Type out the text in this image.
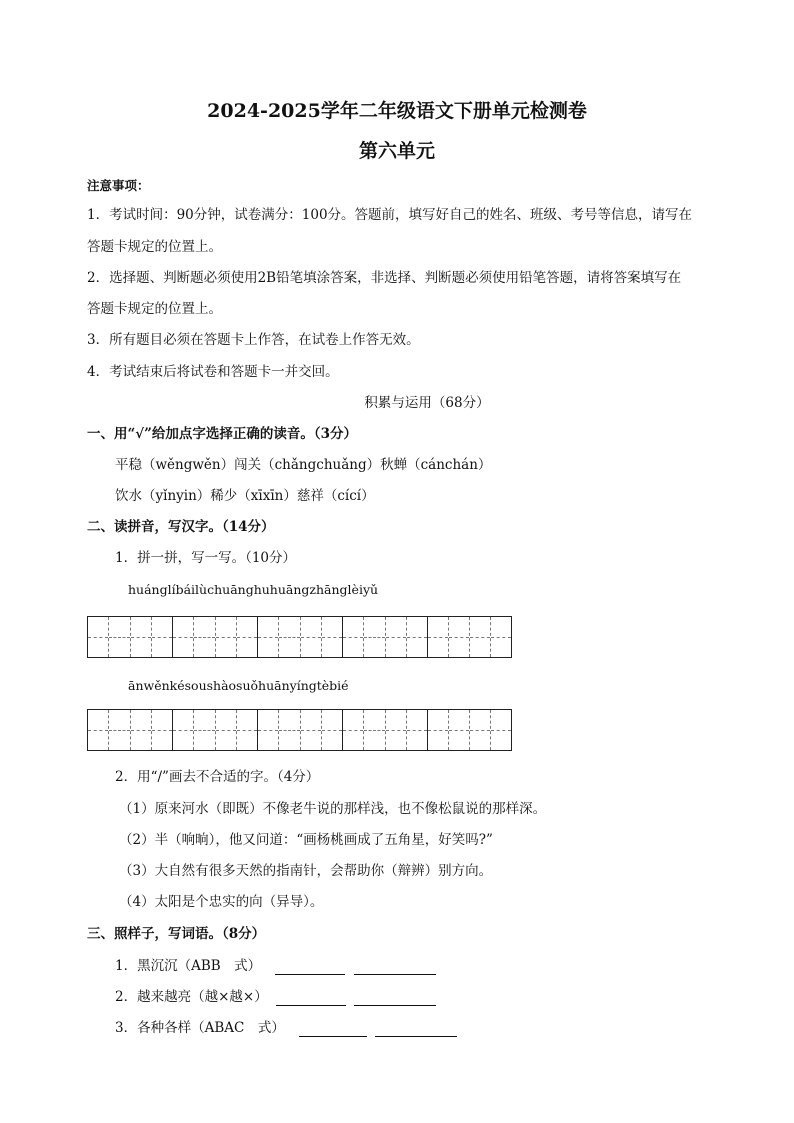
2024-2025学年二年级语文下册单元检测卷
第六单元
注意事项：
1．考试时间：90分钟，试卷满分：100分。答题前，填写好自己的姓名、班级、考号等信息，请写在
答题卡规定的位置上。
2．选择题、判断题必须使用2B铅笔填涂答案，非选择、判断题必须使用铅笔答题，请将答案填写在
答题卡规定的位置上。
3．所有题目必须在答题卡上作答，在试卷上作答无效。
4．考试结束后将试卷和答题卡一并交回。
积累与运用（68分）
一、用“√”给加点字选择正确的读音。（3分）
平稳（wěngwěn）闯关（chǎngchuǎng）秋蝉（cánchán）
饮水（yǐnyin）稀少（xīxīn）慈祥（cící）
二、读拼音，写汉字。（14分）
1．拼一拼，写一写。（10分）
huánglíbáilùchuānghuhuāngzhānglèiyǔ
ānwěnkésoushàosuǒhuānyíngtèbié
2．用“/”画去不合适的字。（4分）
（1）原来河水（即既）不像老牛说的那样浅，也不像松鼠说的那样深。
（2）半（响晌），他又问道：“画杨桃画成了五角星，好笑吗?”
（3）大自然有很多天然的指南针，会帮助你（辩辨）别方向。
（4）太阳是个忠实的向（异导）。
三、照样子，写词语。（8分）
1．黑沉沉（ABB　式）
2．越来越亮（越×越×）
3．各种各样（ABAC　式）
